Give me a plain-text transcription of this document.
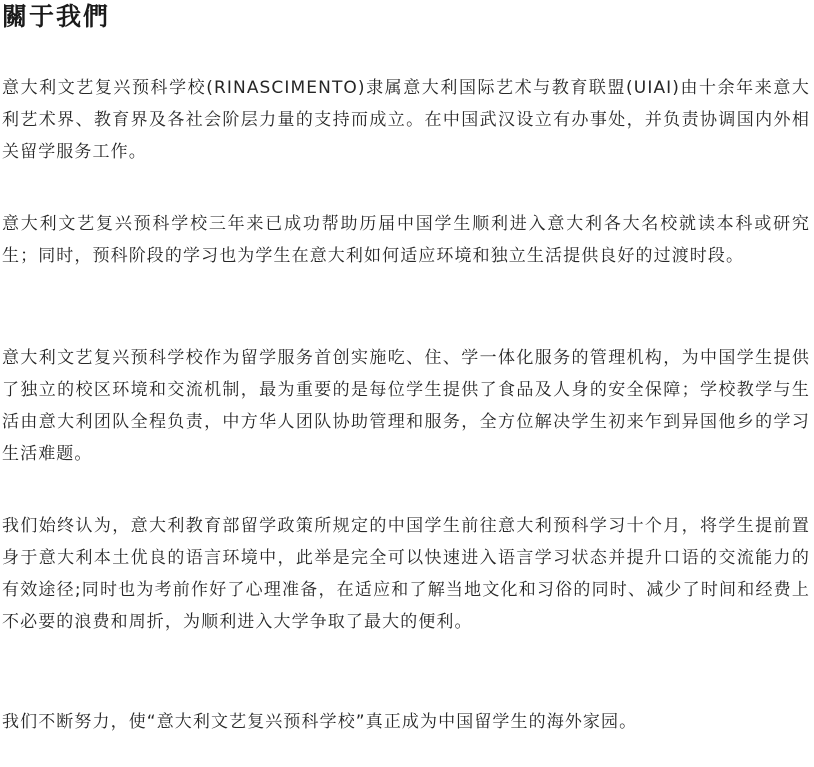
關于我們

意大利文艺复兴预科学校(RINASCIMENTO)隶属意大利国际艺术与教育联盟(UIAI)由十余年来意大利艺术界、教育界及各社会阶层力量的支持而成立。在中国武汉设立有办事处，并负责协调国内外相关留学服务工作。

意大利文艺复兴预科学校三年来已成功帮助历届中国学生顺利进入意大利各大名校就读本科或研究生；同时，预科阶段的学习也为学生在意大利如何适应环境和独立生活提供良好的过渡时段。

意大利文艺复兴预科学校作为留学服务首创实施吃、住、学一体化服务的管理机构，为中国学生提供了独立的校区环境和交流机制，最为重要的是每位学生提供了食品及人身的安全保障；学校教学与生活由意大利团队全程负责，中方华人团队协助管理和服务，全方位解决学生初来乍到异国他乡的学习生活难题。

我们始终认为，意大利教育部留学政策所规定的中国学生前往意大利预科学习十个月，将学生提前置身于意大利本土优良的语言环境中，此举是完全可以快速进入语言学习状态并提升口语的交流能力的有效途径;同时也为考前作好了心理准备，在适应和了解当地文化和习俗的同时、减少了时间和经费上不必要的浪费和周折，为顺利进入大学争取了最大的便利。

我们不断努力，使“意大利文艺复兴预科学校”真正成为中国留学生的海外家园。
